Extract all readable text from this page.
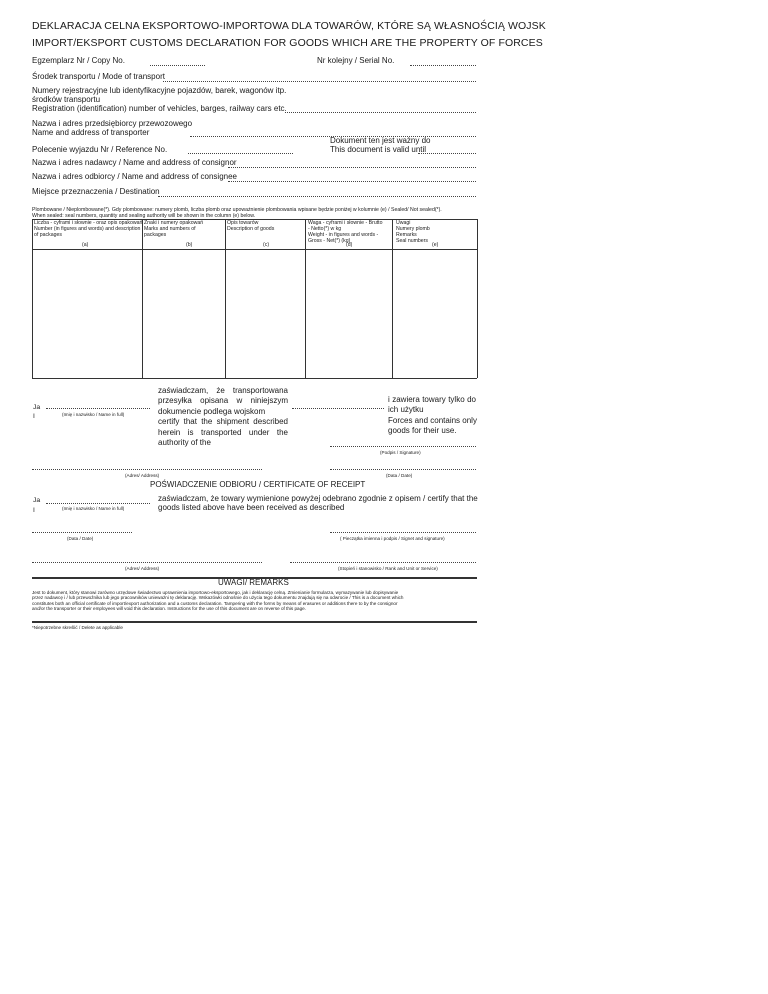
DEKLARACJA CELNA EKSPORTOWO-IMPORTOWA DLA TOWARÓW, KTÓRE SĄ WŁASNOŚCIĄ WOJSK
IMPORT/EKSPORT CUSTOMS DECLARATION FOR GOODS WHICH ARE THE PROPERTY OF FORCES
Egzemplarz Nr / Copy No.	Nr kolejny / Serial No.
Środek transportu / Mode of transport
Numery rejestracyjne lub identyfikacyjne pojazdów, barek, wagonów itp.
środków transportu
Registration (identification) number of vehicles, barges, railway cars etc.
Nazwa i adres przedsiębiorcy przewozowego
Name and address of transporter
Dokument ten jest ważny do
This document is valid until
Polecenie wyjazdu Nr / Reference No.
Nazwa i adres nadawcy / Name and address of consignor
Nazwa i adres odbiorcy / Name and address of consignee
Miejsce przeznaczenia / Destination
Plombowane / Nieplombowane(*). Gdy plombowane: numery plomb, liczba plomb oraz upoważnienie plombowania wpisane będzie poniżej w kolumnie (e) / Sealed/ Not sealed(*).
When sealed: seal numbers, quantity and sealing authority will be shown in the column (e) below.
Liczba - cyframi i słownie - oraz opis opakowań
Number (in figures and words) and description
of packages
(a)
Znaki i numery opakowań
Marks and numbers of
packages
(b)
Opis towarów
Description of goods
(c)
Waga - cyframi i słownie - Brutto
- Netto(*) w kg
Weight - in figures and words -
Gross - Net(*) (kg)
(d)
Uwagi
Numery plomb
Remarks
Seal numbers
(e)
Ja
I	(Imię i nazwisko / Name in full)
zaświadczam, że transportowana
przesyłka opisana w niniejszym
dokumencie podlega wojskom
certify that the shipment described
herein is transported under the
authority of the
i zawiera towary tylko do
ich użytku
Forces and contains only
goods for their use.
(Podpis / Signature)
(Adres/ Address)	(Data / Date)
POŚWIADCZENIE ODBIORU / CERTIFICATE OF RECEIPT
Ja
I	(Imię i nazwisko / Name in full)
zaświadczam, że towary wymienione powyżej odebrano zgodnie z opisem / certify that the
goods listed above have been received as described
(Data / Date)	( Pieczątka imienna i podpis / Signet and signature)
(Adres/ Address)	(Stopień i stanowisko / Rank and Unit or Service)
UWAGI/ REMARKS
Jest to dokument, który stanowi zarówno urzędowe świadectwo uprawnienia importowo-eksportowego, jak i deklarację celną. Zmienianie formularza, wymazywanie lub dopisywanie
przez nadawcę i / lub przewoźnika lub jego pracowników unieważni tę deklarację. Wskazówki odnośnie do użycia tego dokumentu znajdują się na odwrocie / This is a document which
constitutes both an official certificate of import/export authorization and a customs declaration. Tampering with the forms by means of erasures or additions there to by the consignor
and/or the transporter or their employees will void this declaration. Instructions for the use of this document are on reverse of this page.
*Niepotrzebne skreślić / Delete as applicable
